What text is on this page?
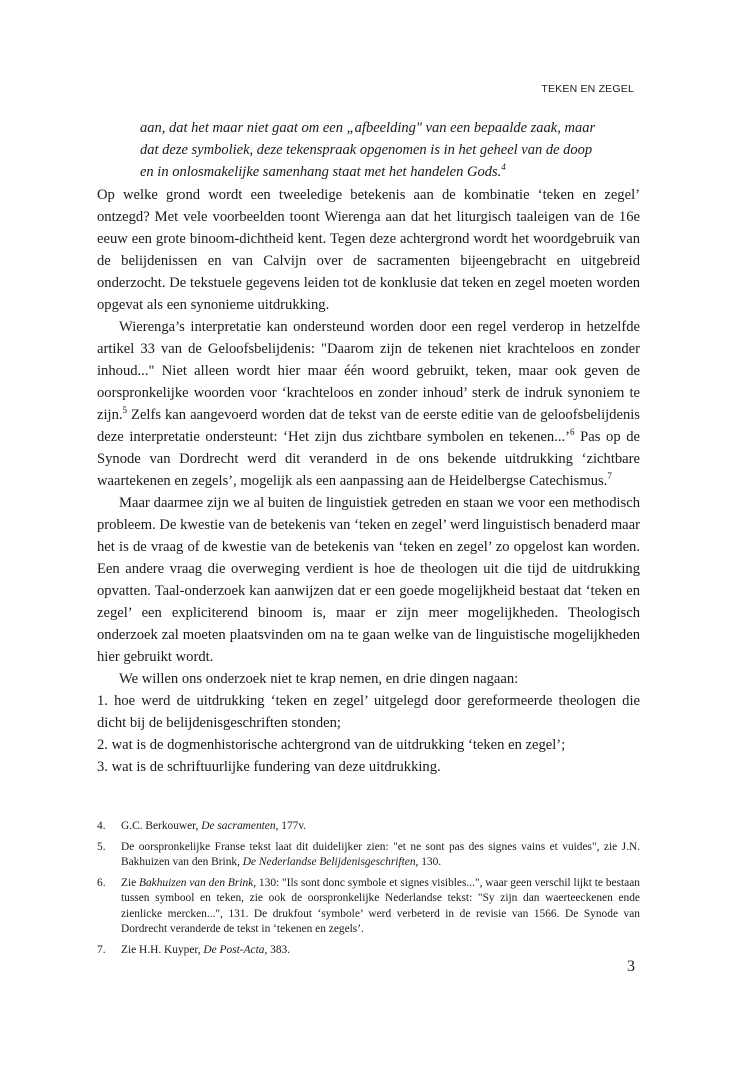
TEKEN EN ZEGEL
aan, dat het maar niet gaat om een „afbeelding" van een bepaalde zaak, maar
dat deze symboliek, deze tekenspraak opgenomen is in het geheel van de doop
en in onlosmakelijke samenhang staat met het handelen Gods.$^4$

Op welke grond wordt een tweeledige betekenis aan de kombinatie ‘teken en zegel’ ontzegd? Met vele voorbeelden toont Wierenga aan dat het liturgisch taaleigen van de 16e eeuw een grote binoom-dichtheid kent. Tegen deze achtergrond wordt het woordgebruik van de belijdenissen en van Calvijn over de sacramenten bijeengebracht en uitgebreid onderzocht. De tekstuele gegevens leiden tot de konklusie dat teken en zegel moeten worden opgevat als een synonieme uitdrukking.

Wierenga’s interpretatie kan ondersteund worden door een regel verderop in hetzelfde artikel 33 van de Geloofsbelijdenis: "Daarom zijn de tekenen niet krachteloos en zonder inhoud..." Niet alleen wordt hier maar één woord gebruikt, teken, maar ook geven de oorspronkelijke woorden voor ‘krachteloos en zonder inhoud’ sterk de indruk synoniem te zijn.$^5$ Zelfs kan aangevoerd worden dat de tekst van de eerste editie van de geloofsbelijdenis deze interpretatie ondersteunt: ‘Het zijn dus zichtbare symbolen en tekenen...’$^6$ Pas op de Synode van Dordrecht werd dit veranderd in de ons bekende uitdrukking ‘zichtbare waartekenen en zegels’, mogelijk als een aanpassing aan de Heidelbergse Catechismus.$^7$

Maar daarmee zijn we al buiten de linguistiek getreden en staan we voor een methodisch probleem. De kwestie van de betekenis van ‘teken en zegel’ werd linguistisch benaderd maar het is de vraag of de kwestie van de betekenis van ‘teken en zegel’ zo opgelost kan worden. Een andere vraag die overweging verdient is hoe de theologen uit die tijd de uitdrukking opvatten. Taal-onderzoek kan aanwijzen dat er een goede mogelijkheid bestaat dat ‘teken en zegel’ een expliciterend binoom is, maar er zijn meer mogelijkheden. Theologisch onderzoek zal moeten plaatsvinden om na te gaan welke van de linguistische mogelijkheden hier gebruikt wordt.

We willen ons onderzoek niet te krap nemen, en drie dingen nagaan:

1. hoe werd de uitdrukking ‘teken en zegel’ uitgelegd door gereformeerde theologen die dicht bij de belijdenisgeschriften stonden;

2. wat is de dogmenhistorische achtergrond van de uitdrukking ‘teken en zegel’;

3. wat is de schriftuurlijke fundering van deze uitdrukking.

4.	G.C. Berkouwer, De sacramenten, 177v.
5.	De oorspronkelijke Franse tekst laat dit duidelijker zien: "et ne sont pas des signes vains et vuides", zie J.N. Bakhuizen van den Brink, De Nederlandse Belijdenisgeschriften, 130.
6.	Zie Bakhuizen van den Brink, 130: "Ils sont donc symbole et signes visibles...", waar geen verschil lijkt te bestaan tussen symbool en teken, zie ook de oorspronkelijke Nederlandse tekst: "Sy zijn dan waerteeckenen ende zienlicke mercken...", 131. De drukfout ‘symbole’ werd verbeterd in de revisie van 1566. De Synode van Dordrecht veranderde de tekst in ‘tekenen en zegels’.
7.	Zie H.H. Kuyper, De Post-Acta, 383.
3
